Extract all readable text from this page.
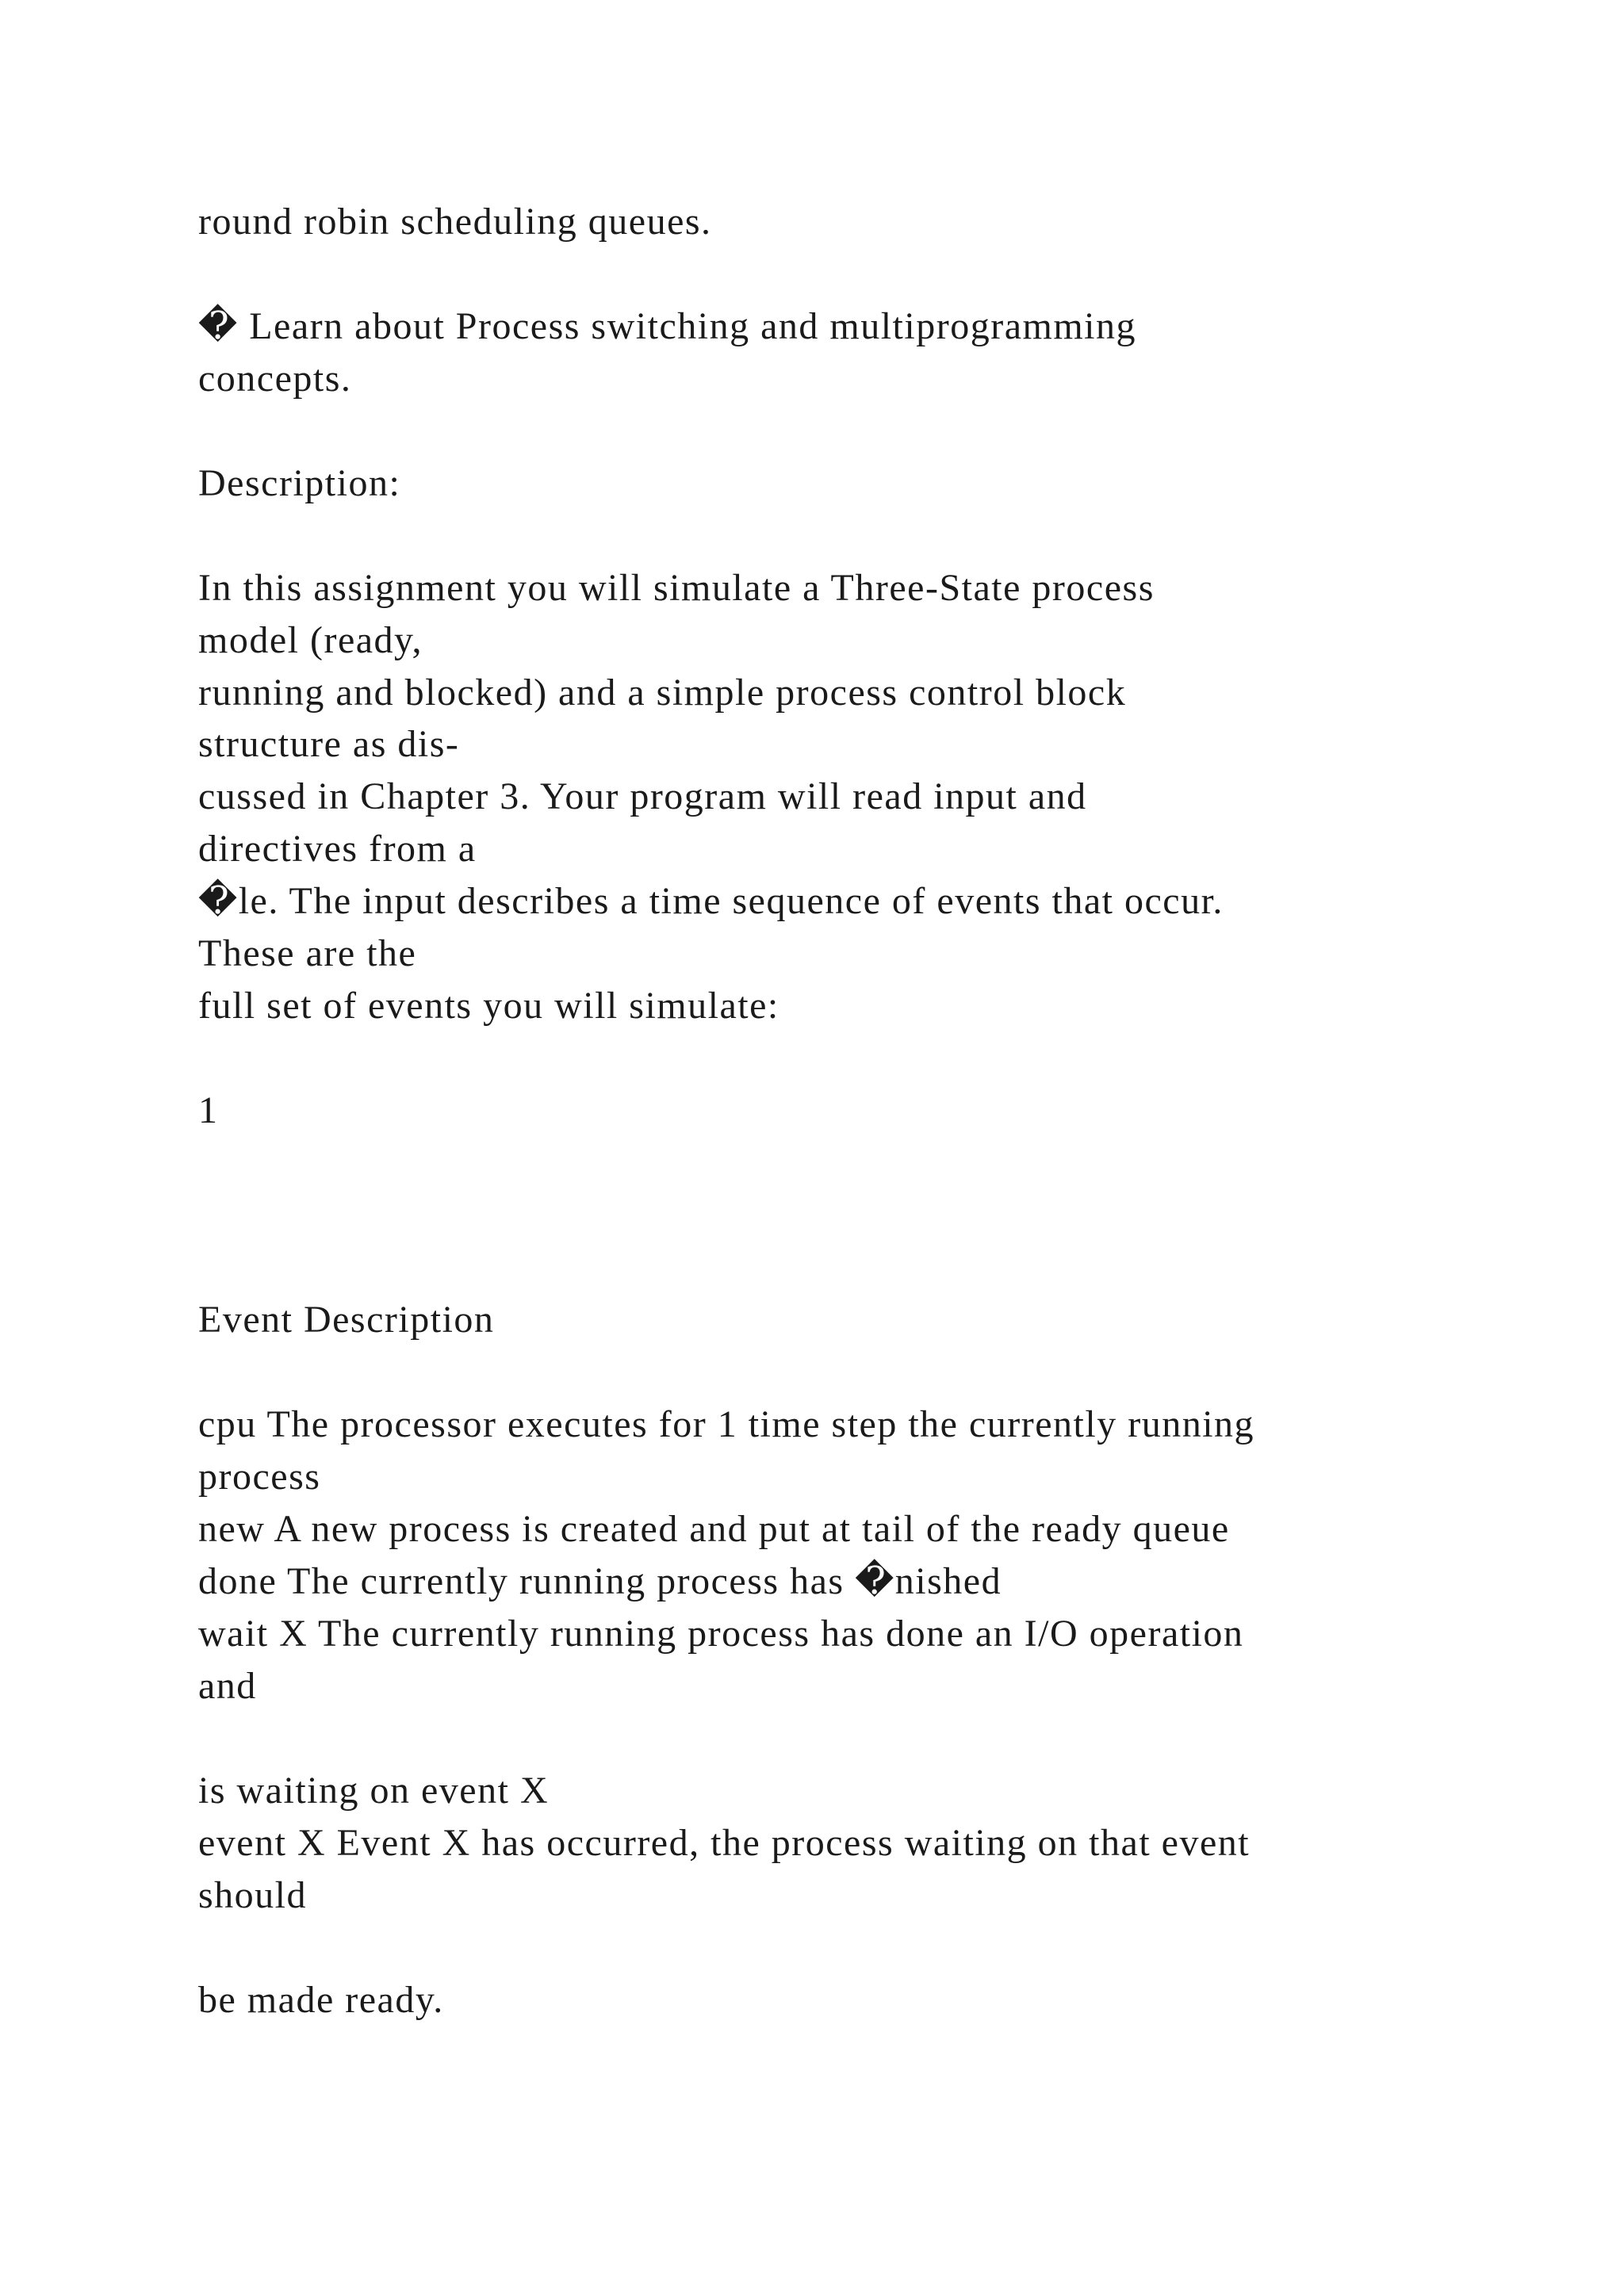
round robin scheduling queues.

� Learn about Process switching and multiprogramming

concepts.

Description:

In this assignment you will simulate a Three-State process

model (ready,

running and blocked) and a simple process control block

structure as dis-

cussed in Chapter 3. Your program will read input and

directives from a

�le. The input describes a time sequence of events that occur.

These are the

full set of events you will simulate:

1

Event Description

cpu The processor executes for 1 time step the currently running

process

new A new process is created and put at tail of the ready queue

done The currently running process has �nished

wait X The currently running process has done an I/O operation

and

is waiting on event X

event X Event X has occurred, the process waiting on that event

should

be made ready.
